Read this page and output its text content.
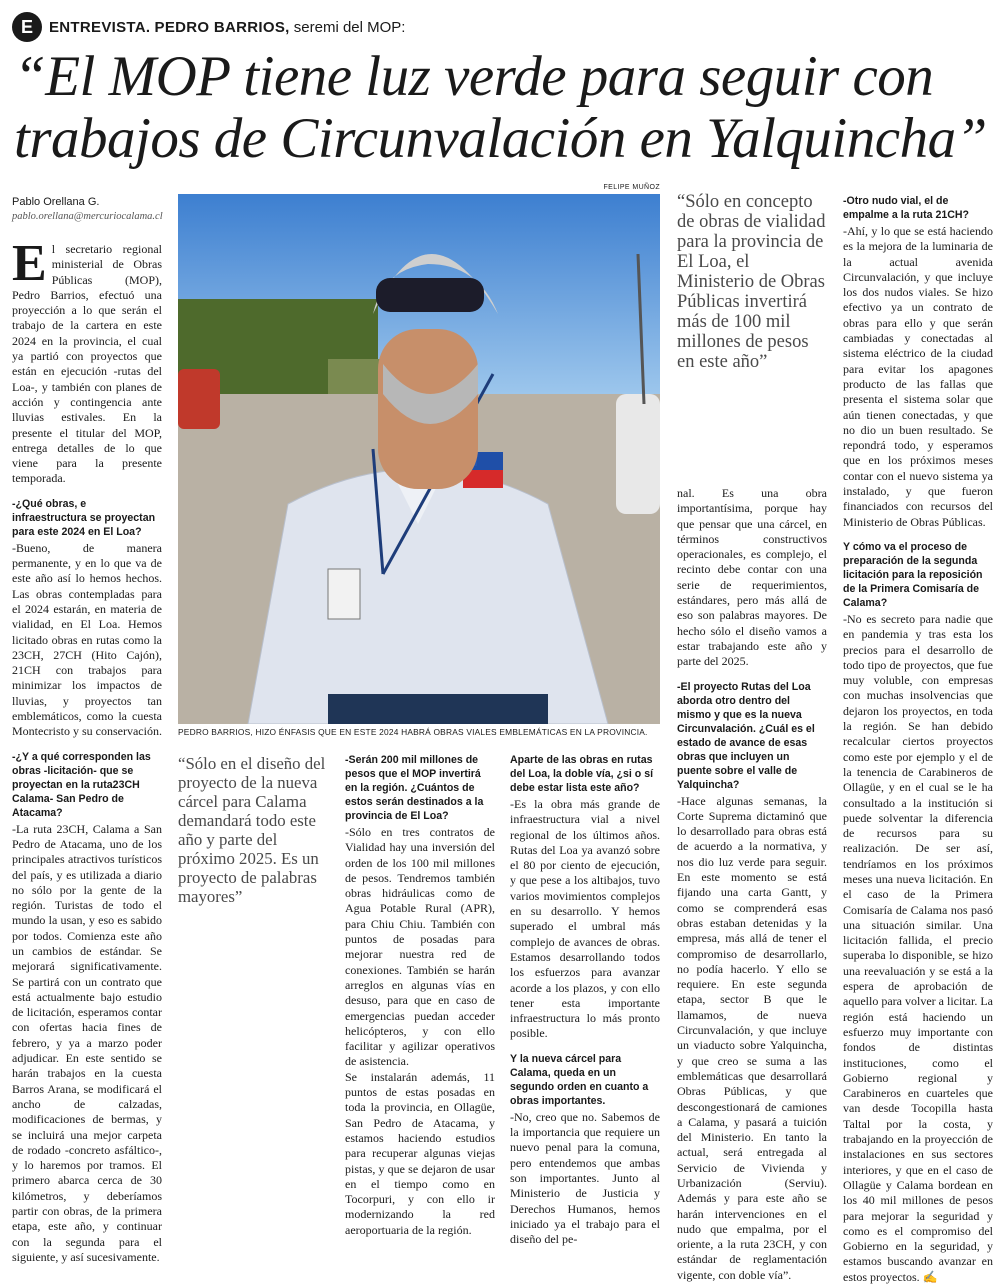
E	ENTREVISTA. PEDRO BARRIOS, seremi del MOP:
“El MOP tiene luz verde para seguir con trabajos de Circunvalación en Yalquincha”
Pablo Orellana G.
pablo.orellana@mercuriocalama.cl
FELIPE MUÑOZ
PEDRO BARRIOS, HIZO ÉNFASIS QUE EN ESTE 2024 HABRÁ OBRAS VIALES EMBLEMÁTICAS EN LA PROVINCIA.

El secretario regional ministerial de Obras Públicas (MOP), Pedro Barrios, efectuó una proyección a lo que serán el trabajo de la cartera en este 2024 en la provincia, el cual ya partió con proyectos que están en ejecución -rutas del Loa-, y también con planes de acción y contingencia ante lluvias estivales. En la presente el titular del MOP, entrega detalles de lo que viene para la presente temporada.

-¿Qué obras, e infraestructura se proyectan para este 2024 en El Loa?

-Bueno, de manera permanente, y en lo que va de este año así lo hemos hechos. Las obras contempladas para el 2024 estarán, en materia de vialidad, en El Loa. Hemos licitado obras en rutas como la 23CH, 27CH (Hito Cajón), 21CH con trabajos para minimizar los impactos de lluvias, y proyectos tan emblemáticos, como la cuesta Montecristo y su conservación.

-¿Y a qué corresponden las obras -licitación- que se proyectan en la ruta23CH Calama- San Pedro de Atacama?

-La ruta 23CH, Calama a San Pedro de Atacama, uno de los principales atractivos turísticos del país, y es utilizada a diario no sólo por la gente de la región. Turistas de todo el mundo la usan, y eso es sabido por todos. Comienza este año un cambios de estándar. Se mejorará significativamente. Se partirá con un contrato que está actualmente bajo estudio de licitación, esperamos contar con ofertas hacia fines de febrero, y ya a marzo poder adjudicar. En este sentido se harán trabajos en la cuesta Barros Arana, se modificará el ancho de calzadas, modificaciones de bermas, y se incluirá una mejor carpeta de rodado -concreto asfáltico-, y lo haremos por tramos. El primero abarca cerca de 30 kilómetros, y deberíamos partir con obras, de la primera etapa, este año, y continuar con la segunda para el siguiente, y así sucesivamente.

“Sólo en el diseño del proyecto de la nueva cárcel para Calama demandará todo este año y parte del próximo 2025. Es un proyecto de palabras mayores”

-Serán 200 mil millones de pesos que el MOP invertirá en la región. ¿Cuántos de estos serán destinados a la provincia de El Loa?

-Sólo en tres contratos de Vialidad hay una inversión del orden de los 100 mil millones de pesos. Tendremos también obras hidráulicas como de Agua Potable Rural (APR), para Chiu Chiu. También con puntos de posadas para mejorar nuestra red de conexiones. También se harán arreglos en algunas vías en desuso, para que en caso de emergencias puedan acceder helicópteros, y con ello facilitar y agilizar operativos de asistencia.

Se instalarán además, 11 puntos de estas posadas en toda la provincia, en Ollagüe, San Pedro de Atacama, y estamos haciendo estudios para recuperar algunas viejas pistas, y que se dejaron de usar en el tiempo como en Tocorpuri, y con ello ir modernizando la red aeroportuaria de la región.

Aparte de las obras en rutas del Loa, la doble vía, ¿si o sí debe estar lista este año?

-Es la obra más grande de infraestructura vial a nivel regional de los últimos años. Rutas del Loa ya avanzó sobre el 80 por ciento de ejecución, y que pese a los altibajos, tuvo varios movimientos complejos en su desarrollo. Y hemos superado el umbral más complejo de avances de obras. Estamos desarrollando todos los esfuerzos para avanzar acorde a los plazos, y con ello tener esta importante infraestructura lo más pronto posible.

Y la nueva cárcel para Calama, queda en un segundo orden en cuanto a obras importantes.

-No, creo que no. Sabemos de la importancia que requiere un nuevo penal para la comuna, pero entendemos que ambas son importantes. Junto al Ministerio de Justicia y Derechos Humanos, hemos iniciado ya el trabajo para el diseño del pe-

“Sólo en concepto de obras de vialidad para la provincia de El Loa, el Ministerio de Obras Públicas invertirá más de 100 mil millones de pesos en este año”

nal. Es una obra importantísima, porque hay que pensar que una cárcel, en términos constructivos operacionales, es complejo, el recinto debe contar con una serie de requerimientos, estándares, pero más allá de eso son palabras mayores. De hecho sólo el diseño vamos a estar trabajando este año y parte del 2025.

-El proyecto Rutas del Loa aborda otro dentro del mismo y que es la nueva Circunvalación. ¿Cuál es el estado de avance de esas obras que incluyen un puente sobre el valle de Yalquincha?

-Hace algunas semanas, la Corte Suprema dictaminó que lo desarrollado para obras está de acuerdo a la normativa, y nos dio luz verde para seguir. En este momento se está fijando una carta Gantt, y como se comprenderá esas obras estaban detenidas y la empresa, más allá de tener el compromiso de desarrollarlo, no podía hacerlo. Y ello se requiere. En este segunda etapa, sector B que le llamamos, de nueva Circunvalación, y que incluye un viaducto sobre Yalquincha, y que creo se suma a las emblemáticas que desarrollará Obras Públicas, y que descongestionará de camiones a Calama, y pasará a tuición del Ministerio. En tanto la actual, será entregada al Servicio de Vivienda y Urbanización (Serviu). Además y para este año se harán intervenciones en el nudo que empalma, por el oriente, a la ruta 23CH, y con estándar de reglamentación vigente, con doble vía”.

-Otro nudo vial, el de empalme a la ruta 21CH?

-Ahí, y lo que se está haciendo es la mejora de la luminaria de la actual avenida Circunvalación, y que incluye los dos nudos viales. Se hizo efectivo ya un contrato de obras para ello y que serán cambiadas y conectadas al sistema eléctrico de la ciudad para evitar los apagones producto de las fallas que presenta el sistema solar que aún tienen conectadas, y que no dio un buen resultado. Se repondrá todo, y esperamos que en los próximos meses contar con el nuevo sistema ya instalado, y que fueron financiados con recursos del Ministerio de Obras Públicas.

Y cómo va el proceso de preparación de la segunda licitación para la reposición de la Primera Comisaría de Calama?

-No es secreto para nadie que en pandemia y tras esta los precios para el desarrollo de todo tipo de proyectos, que fue muy voluble, con empresas con muchas insolvencias que dejaron los proyectos, en toda la región. Se han debido recalcular ciertos proyectos como este por ejemplo y el de la tenencia de Carabineros de Ollagüe, y en el cual se le ha consultado a la institución si puede solventar la diferencia de recursos para su realización. De ser así, tendríamos en los próximos meses una nueva licitación. En el caso de la Primera Comisaría de Calama nos pasó una situación similar. Una licitación fallida, el precio superaba lo disponible, se hizo una reevaluación y se está a la espera de aprobación de aquello para volver a licitar. La región está haciendo un esfuerzo muy importante con fondos de distintas instituciones, como el Gobierno regional y Carabineros en cuarteles que van desde Tocopilla hasta Taltal por la costa, y trabajando en la proyección de instalaciones en sus sectores interiores, y que en el caso de Ollagüe y Calama bordean en los 40 mil millones de pesos para mejorar la seguridad y como es el compromiso del Gobierno en la seguridad, y estamos buscando avanzar en estos proyectos. ✍
